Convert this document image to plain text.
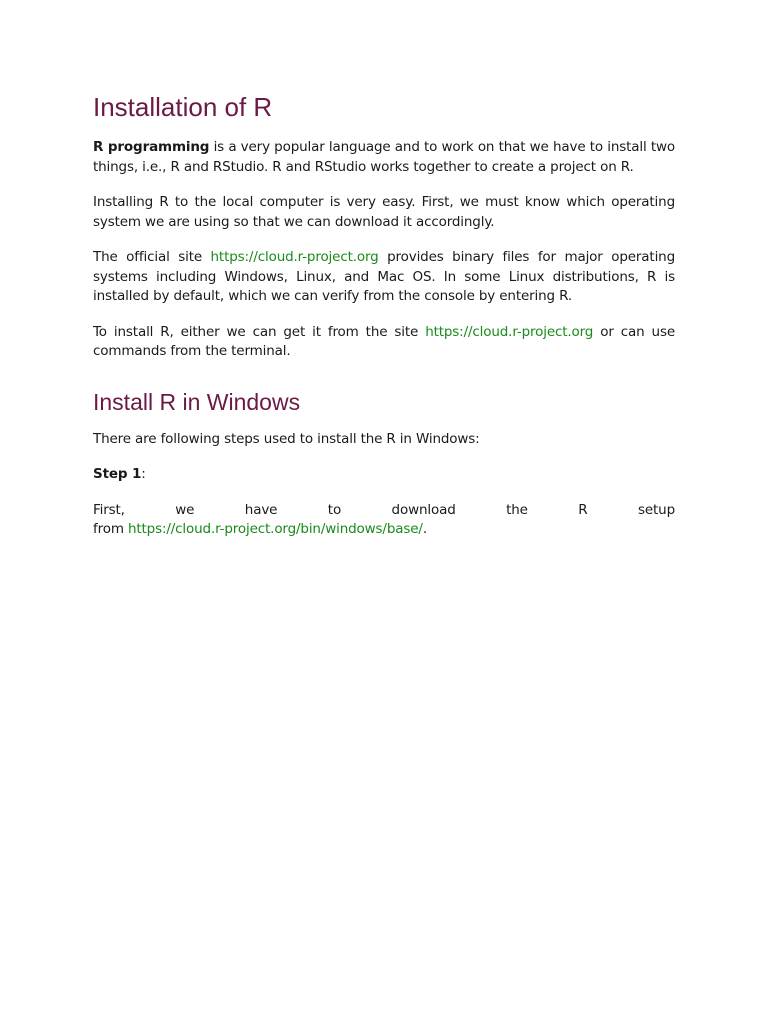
Installation of R

R programming is a very popular language and to work on that we have to install two things, i.e., R and RStudio. R and RStudio works together to create a project on R.

Installing R to the local computer is very easy. First, we must know which operating system we are using so that we can download it accordingly.

The official site https://cloud.r-project.org provides binary files for major operating systems including Windows, Linux, and Mac OS. In some Linux distributions, R is installed by default, which we can verify from the console by entering R.

To install R, either we can get it from the site https://cloud.r-project.org or can use commands from the terminal.

Install R in Windows

There are following steps used to install the R in Windows:

Step 1:

First, we have to download the R setup
from https://cloud.r-project.org/bin/windows/base/.
